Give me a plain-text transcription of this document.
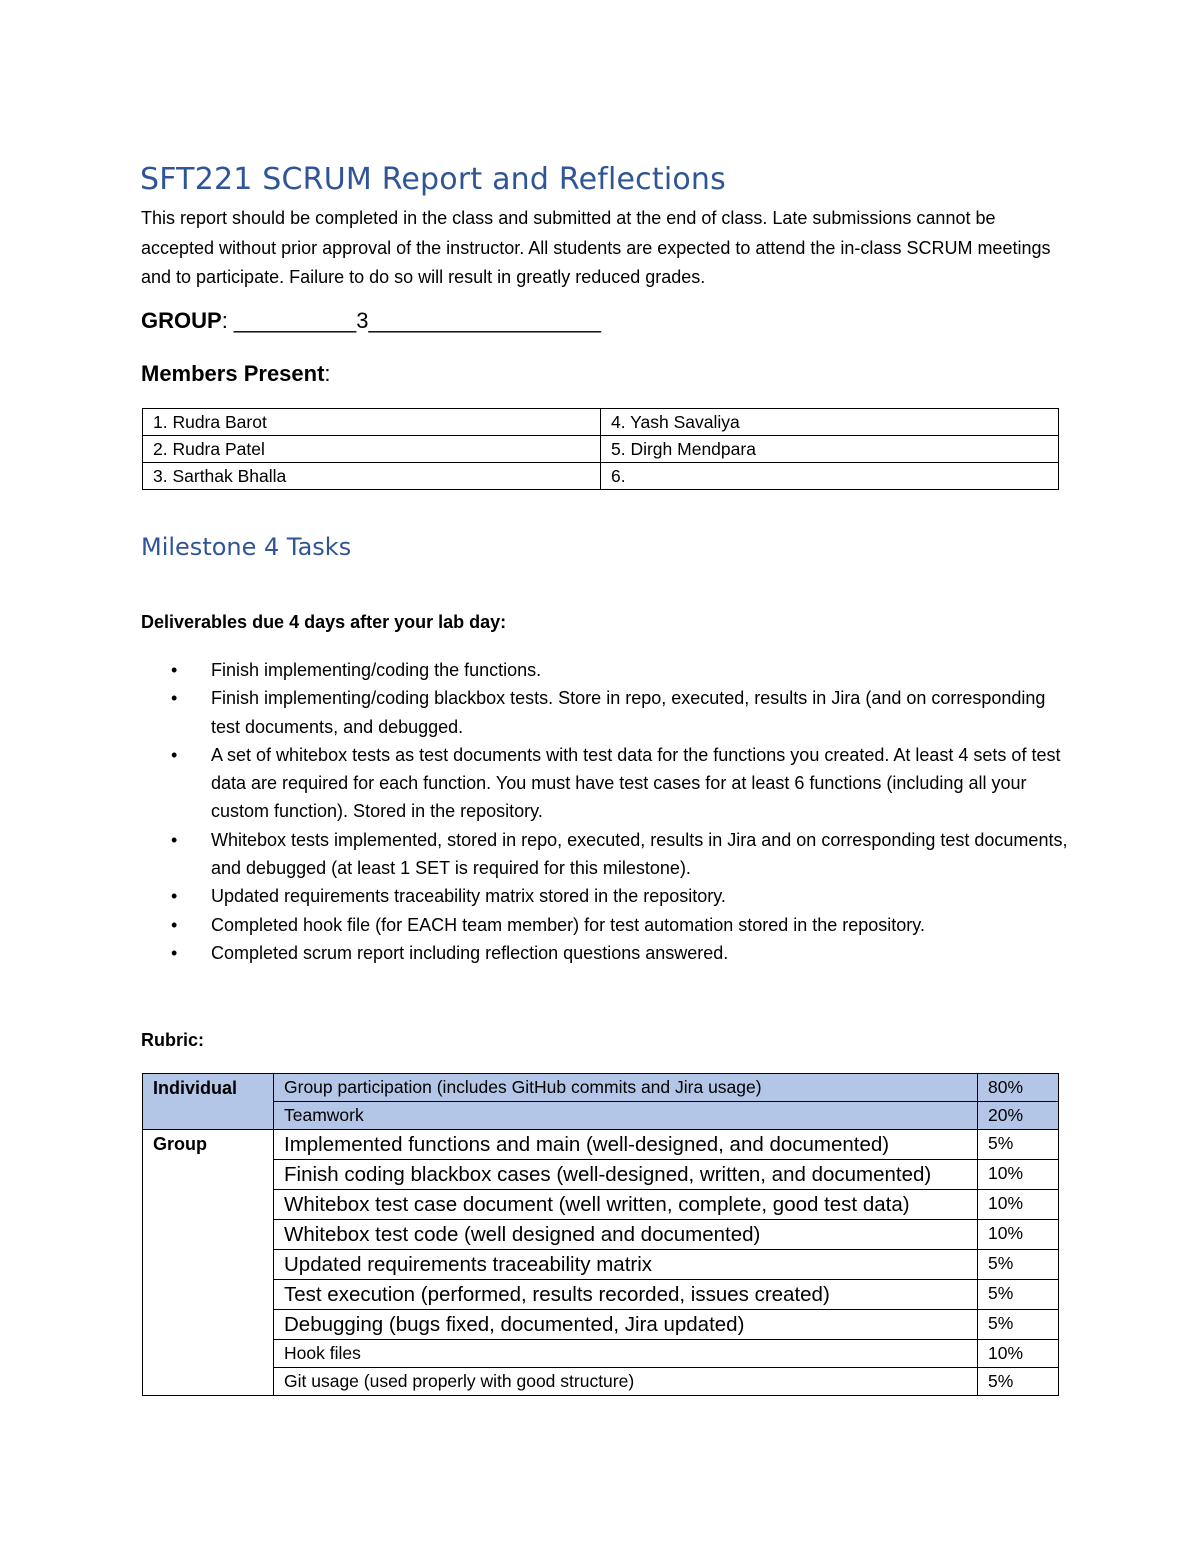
SFT221 SCRUM Report and Reflections
This report should be completed in the class and submitted at the end of class. Late submissions cannot be accepted without prior approval of the instructor. All students are expected to attend the in-class SCRUM meetings and to participate. Failure to do so will result in greatly reduced grades.
GROUP: __________3___________________
Members Present:
1. Rudra Barot	4. Yash Savaliya
2. Rudra Patel	5. Dirgh Mendpara
3. Sarthak Bhalla	6.
Milestone 4 Tasks
Deliverables due 4 days after your lab day:
• Finish implementing/coding the functions.
• Finish implementing/coding blackbox tests. Store in repo, executed, results in Jira (and on corresponding test documents, and debugged.
• A set of whitebox tests as test documents with test data for the functions you created. At least 4 sets of test data are required for each function. You must have test cases for at least 6 functions (including all your custom function). Stored in the repository.
• Whitebox tests implemented, stored in repo, executed, results in Jira and on corresponding test documents, and debugged (at least 1 SET is required for this milestone).
• Updated requirements traceability matrix stored in the repository.
• Completed hook file (for EACH team member) for test automation stored in the repository.
• Completed scrum report including reflection questions answered.
Rubric:
Individual	Group participation (includes GitHub commits and Jira usage)	80%
	Teamwork	20%
Group	Implemented functions and main (well-designed, and documented)	5%
	Finish coding blackbox cases (well-designed, written, and documented)	10%
	Whitebox test case document (well written, complete, good test data)	10%
	Whitebox test code (well designed and documented)	10%
	Updated requirements traceability matrix	5%
	Test execution (performed, results recorded, issues created)	5%
	Debugging (bugs fixed, documented, Jira updated)	5%
	Hook files	10%
	Git usage (used properly with good structure)	5%
